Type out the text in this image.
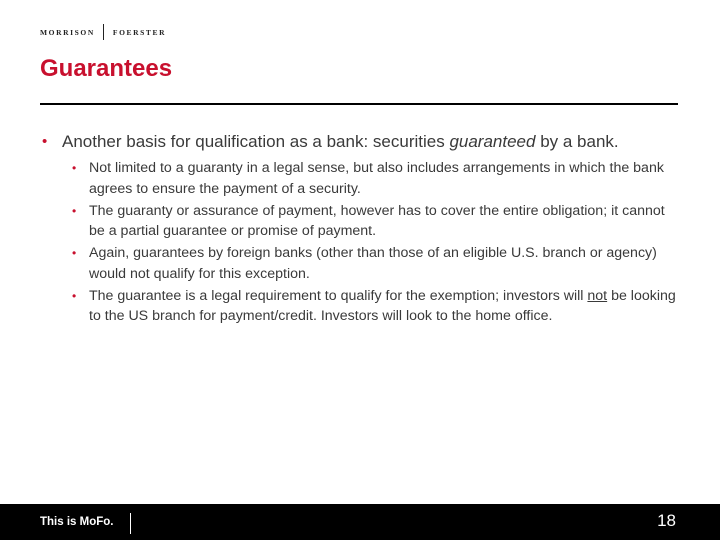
MORRISON FOERSTER
Guarantees
• Another basis for qualification as a bank: securities guaranteed by a bank.
• Not limited to a guaranty in a legal sense, but also includes arrangements in which the bank agrees to ensure the payment of a security.
• The guaranty or assurance of payment, however has to cover the entire obligation; it cannot be a partial guarantee or promise of payment.
• Again, guarantees by foreign banks (other than those of an eligible U.S. branch or agency) would not qualify for this exception.
• The guarantee is a legal requirement to qualify for the exemption; investors will not be looking to the US branch for payment/credit. Investors will look to the home office.
This is MoFo.	18
